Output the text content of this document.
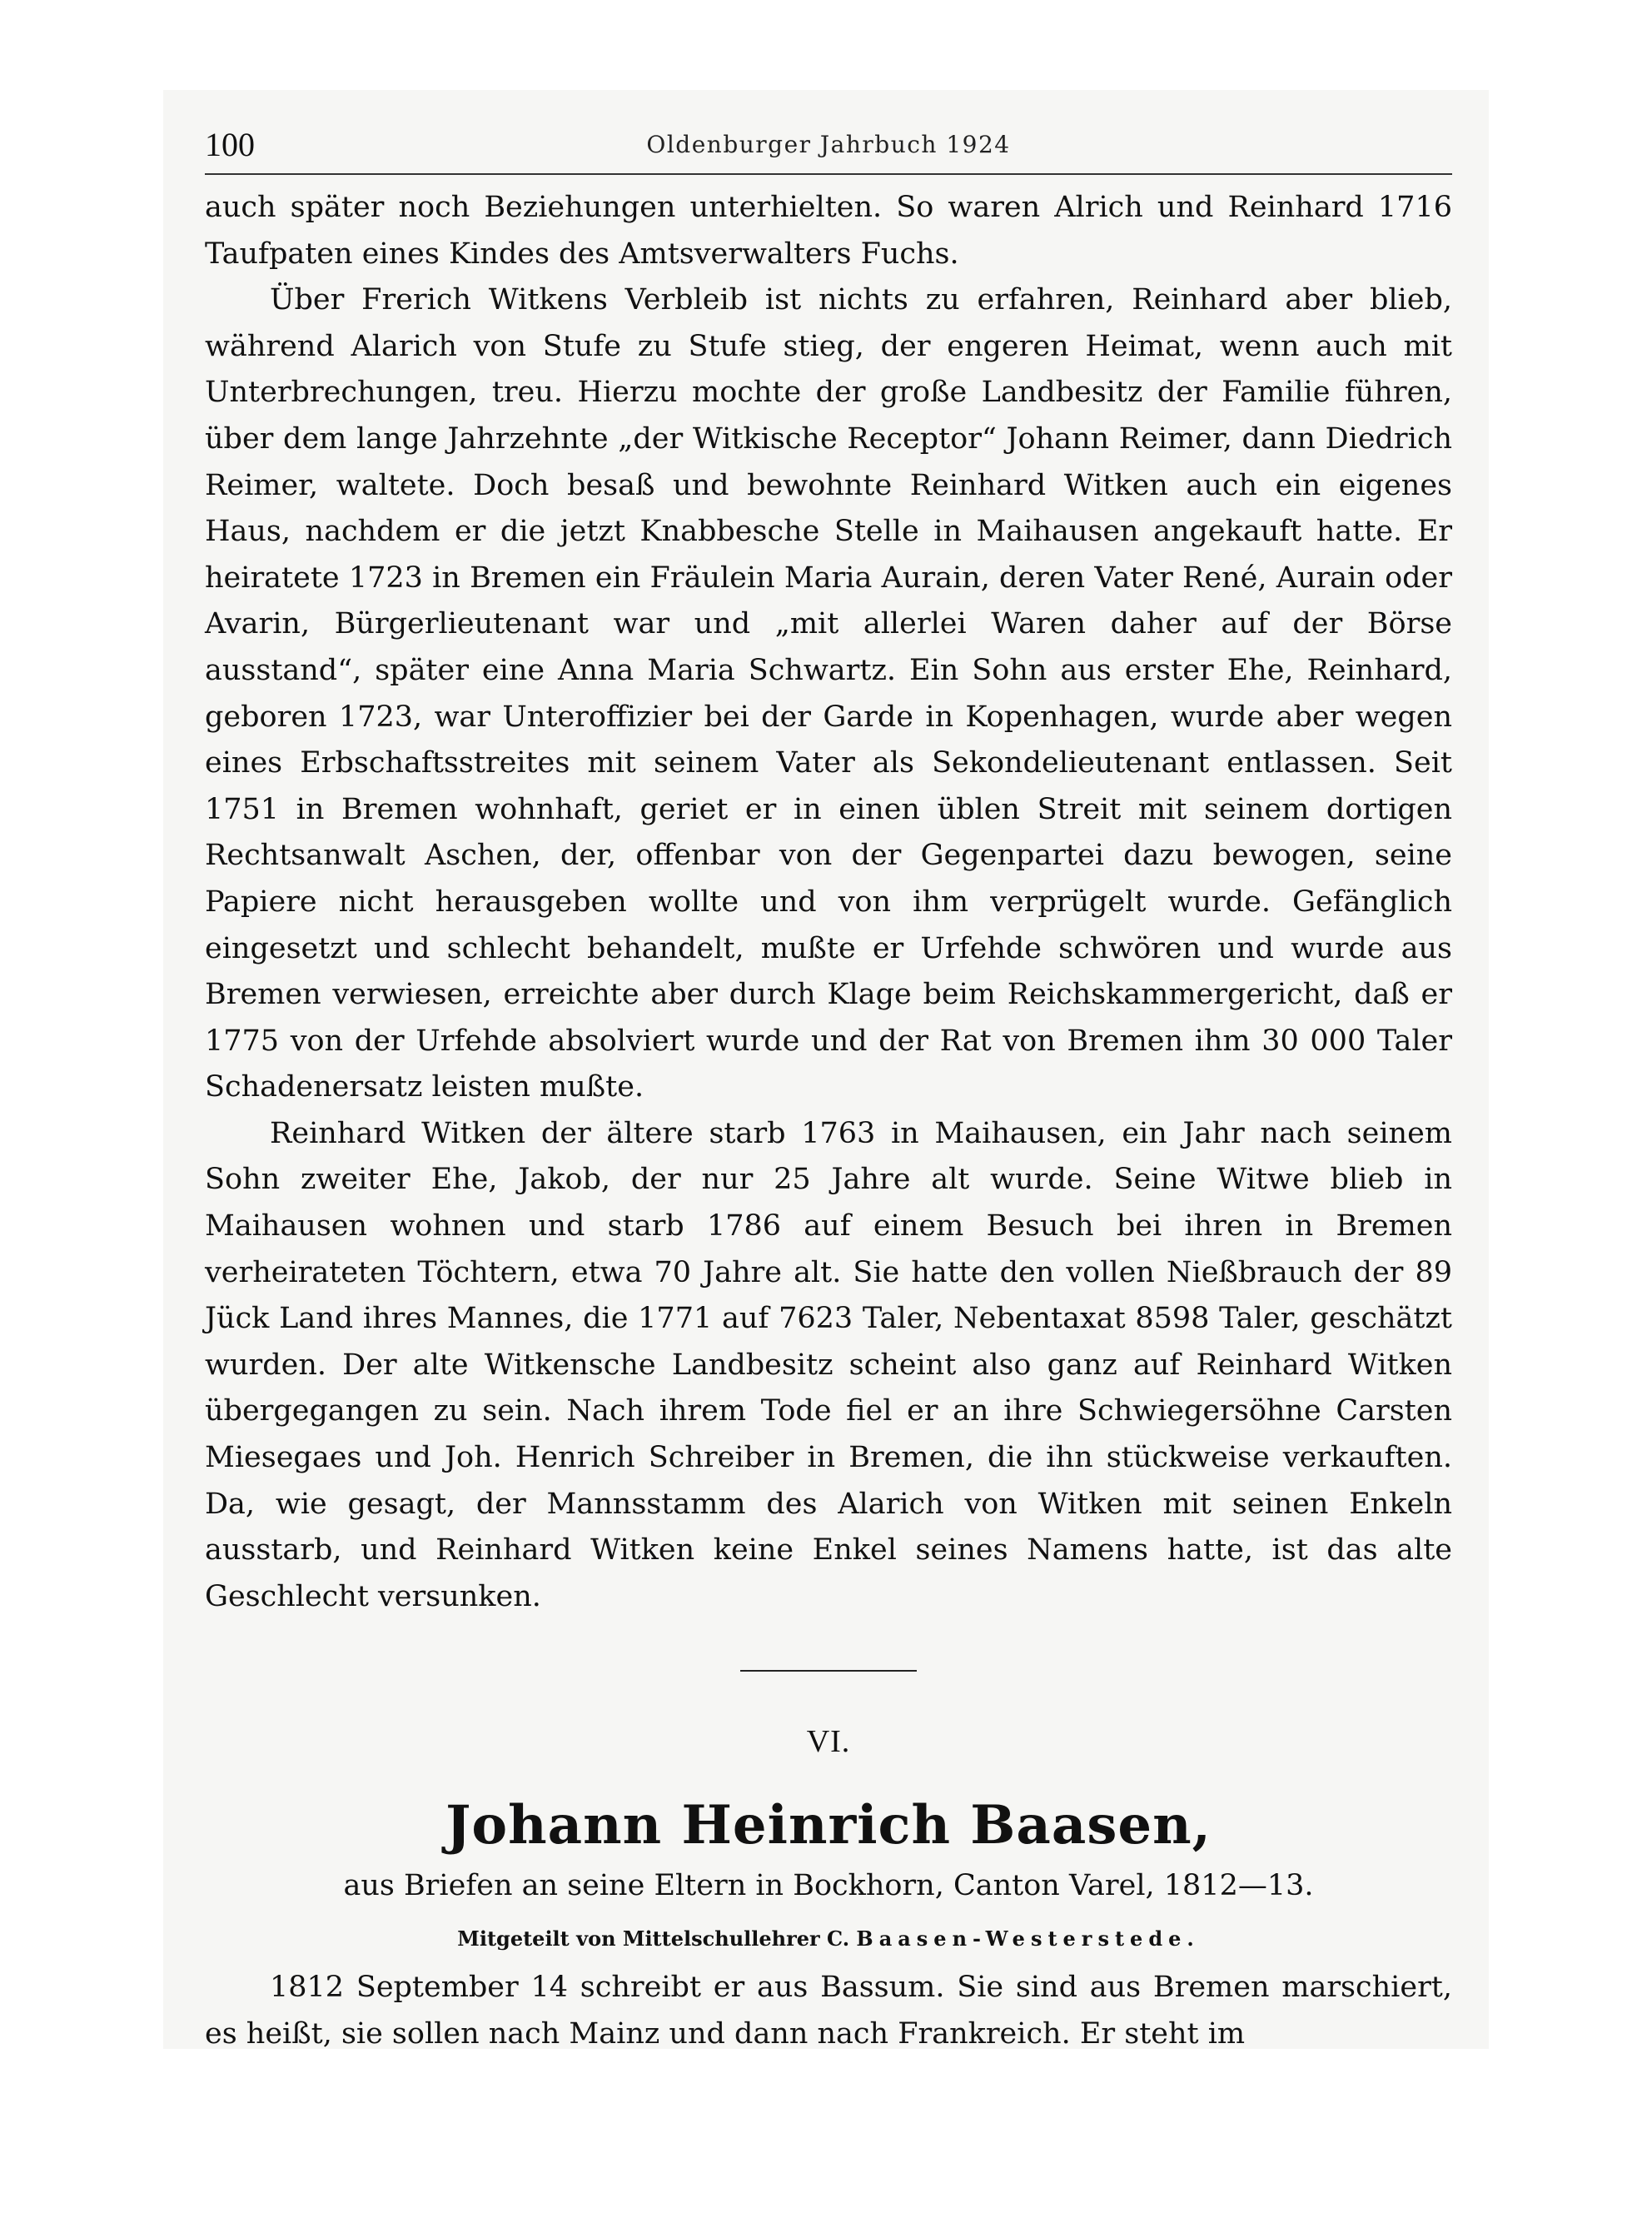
100	Oldenburger Jahrbuch 1924

auch später noch Beziehungen unterhielten. So waren Alrich und Reinhard 1716 Taufpaten eines Kindes des Amtsverwalters Fuchs.

Über Frerich Witkens Verbleib ist nichts zu erfahren, Reinhard aber blieb, während Alarich von Stufe zu Stufe stieg, der engeren Heimat, wenn auch mit Unterbrechungen, treu. Hierzu mochte der große Landbesitz der Familie führen, über dem lange Jahrzehnte „der Witkische Receptor“ Johann Reimer, dann Diedrich Reimer, waltete. Doch besaß und bewohnte Reinhard Witken auch ein eigenes Haus, nachdem er die jetzt Knabbesche Stelle in Maihausen angekauft hatte. Er heiratete 1723 in Bremen ein Fräulein Maria Aurain, deren Vater René, Aurain oder Avarin, Bürgerlieutenant war und „mit allerlei Waren daher auf der Börse ausstand“, später eine Anna Maria Schwartz. Ein Sohn aus erster Ehe, Reinhard, geboren 1723, war Unteroffizier bei der Garde in Kopenhagen, wurde aber wegen eines Erbschaftsstreites mit seinem Vater als Sekondelieutenant entlassen. Seit 1751 in Bremen wohnhaft, geriet er in einen üblen Streit mit seinem dortigen Rechtsanwalt Aschen, der, offenbar von der Gegenpartei dazu bewogen, seine Papiere nicht herausgeben wollte und von ihm verprügelt wurde. Gefänglich eingesetzt und schlecht behandelt, mußte er Urfehde schwören und wurde aus Bremen verwiesen, erreichte aber durch Klage beim Reichskammergericht, daß er 1775 von der Urfehde absolviert wurde und der Rat von Bremen ihm 30 000 Taler Schadenersatz leisten mußte.

Reinhard Witken der ältere starb 1763 in Maihausen, ein Jahr nach seinem Sohn zweiter Ehe, Jakob, der nur 25 Jahre alt wurde. Seine Witwe blieb in Maihausen wohnen und starb 1786 auf einem Besuch bei ihren in Bremen verheirateten Töchtern, etwa 70 Jahre alt. Sie hatte den vollen Nießbrauch der 89 Jück Land ihres Mannes, die 1771 auf 7623 Taler, Nebentaxat 8598 Taler, geschätzt wurden. Der alte Witkensche Landbesitz scheint also ganz auf Reinhard Witken übergegangen zu sein. Nach ihrem Tode fiel er an ihre Schwiegersöhne Carsten Miesegaes und Joh. Henrich Schreiber in Bremen, die ihn stückweise verkauften. Da, wie gesagt, der Mannsstamm des Alarich von Witken mit seinen Enkeln ausstarb, und Reinhard Witken keine Enkel seines Namens hatte, ist das alte Geschlecht versunken.

VI.
Johann Heinrich Baasen,
aus Briefen an seine Eltern in Bockhorn, Canton Varel, 1812—13.
Mitgeteilt von Mittelschullehrer C. Baasen-Westerstede.

1812 September 14 schreibt er aus Bassum. Sie sind aus Bremen marschiert, es heißt, sie sollen nach Mainz und dann nach Frankreich. Er steht im
